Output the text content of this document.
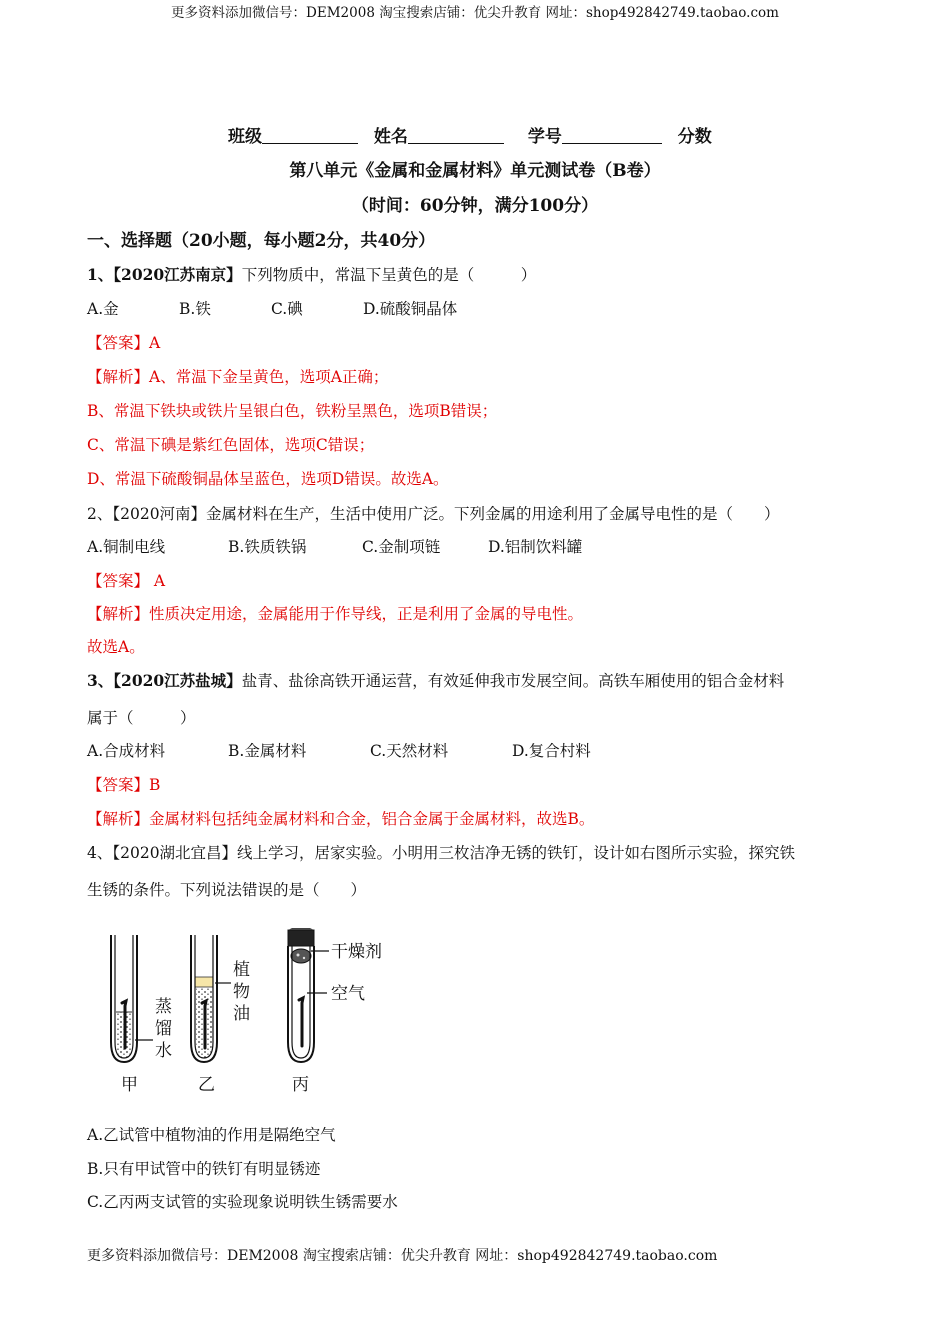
更多资料添加微信号：DEM2008 淘宝搜索店铺：优尖升教育 网址：shop492842749.taobao.com
班级	姓名	学号	分数
第八单元《金属和金属材料》单元测试卷（B卷）
（时间：60分钟，满分100分）
一、选择题（20小题，每小题2分，共40分）
1、【2020江苏南京】下列物质中，常温下呈黄色的是（　　　）
A.金	B.铁	C.碘	D.硫酸铜晶体
【答案】A
【解析】A、常温下金呈黄色，选项A正确；
B、常温下铁块或铁片呈银白色，铁粉呈黑色，选项B错误；
C、常温下碘是紫红色固体，选项C错误；
D、常温下硫酸铜晶体呈蓝色，选项D错误。故选A。
2、【2020河南】金属材料在生产，生活中使用广泛。下列金属的用途利用了金属导电性的是（　　）
A.铜制电线	B.铁质铁锅	C.金制项链	D.铝制饮料罐
【答案】 A
【解析】性质决定用途，金属能用于作导线，正是利用了金属的导电性。
故选A。
3、【2020江苏盐城】盐青、盐徐高铁开通运营，有效延伸我市发展空间。高铁车厢使用的铝合金材料
属于（　　　）
A.合成材料	B.金属材料	C.天然材料	D.复合村料
【答案】B
【解析】金属材料包括纯金属材料和合金，铝合金属于金属材料，故选B。
4、【2020湖北宜昌】线上学习，居家实验。小明用三枚洁净无锈的铁钉，设计如右图所示实验，探究铁
生锈的条件。下列说法错误的是（　　）
蒸
馏
水
植
物
油
干燥剂
空气
甲	乙	丙
A.乙试管中植物油的作用是隔绝空气
B.只有甲试管中的铁钉有明显锈迹
C.乙丙两支试管的实验现象说明铁生锈需要水
更多资料添加微信号：DEM2008 淘宝搜索店铺：优尖升教育 网址：shop492842749.taobao.com
